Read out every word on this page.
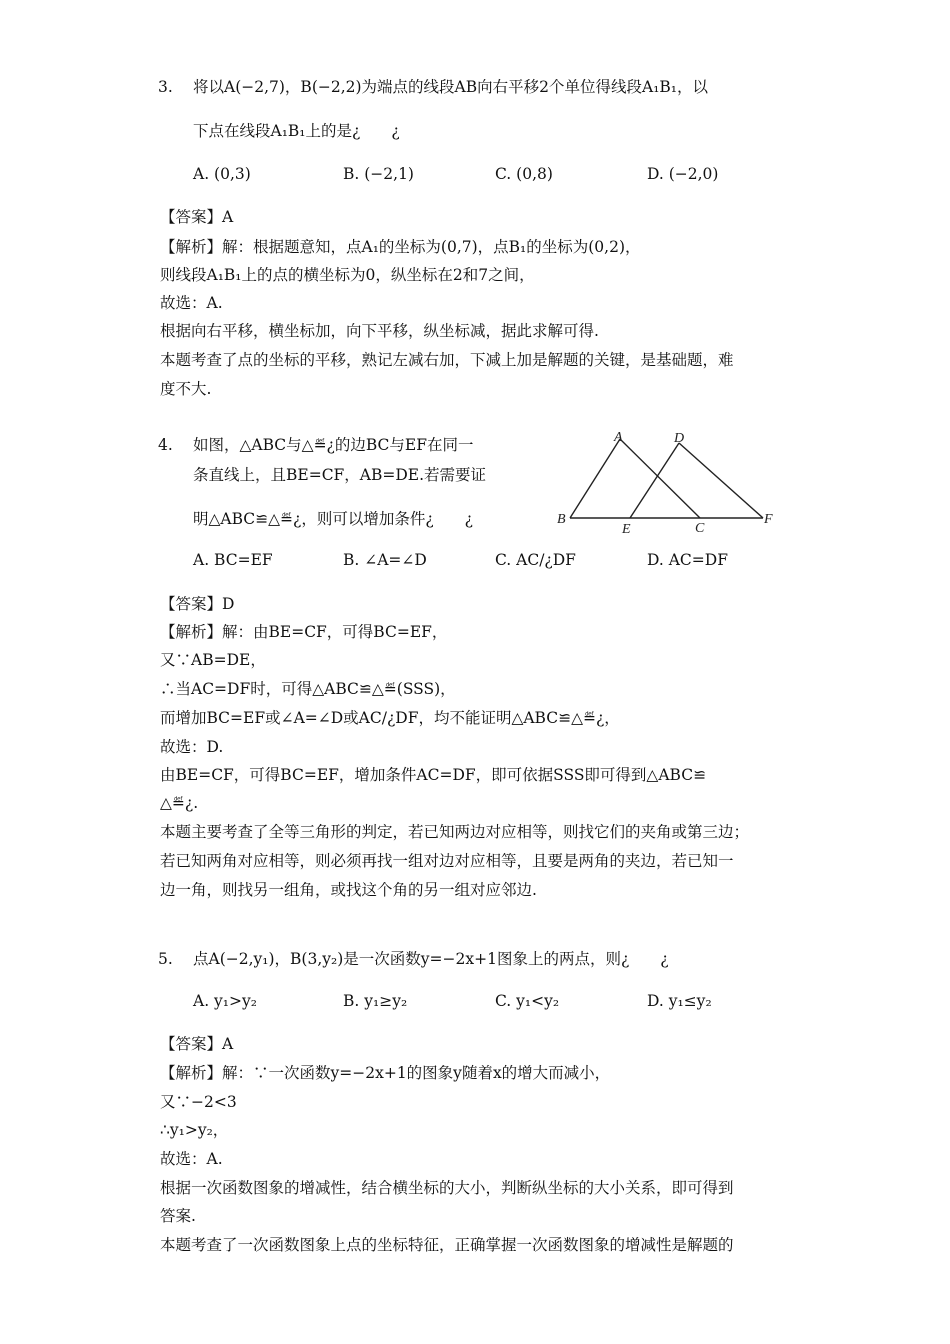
3. 将以A(−2,7)，B(−2,2)为端点的线段AB向右平移2个单位得线段A₁B₁，以
下点在线段A₁B₁上的是¿　　¿
A. (0,3)	B. (−2,1)	C. (0,8)	D. (−2,0)
【答案】A
【解析】解：根据题意知，点A₁的坐标为(0,7)，点B₁的坐标为(0,2)，
则线段A₁B₁上的点的横坐标为0，纵坐标在2和7之间，
故选：A.
根据向右平移，横坐标加，向下平移，纵坐标减，据此求解可得.
本题考查了点的坐标的平移，熟记左减右加，下减上加是解题的关键，是基础题，难
度不大.
4. 如图，△ABC与△≝¿的边BC与EF在同一
条直线上，且BE=CF，AB=DE.若需要证
明△ABC≌△≝¿，则可以增加条件¿　　¿
A	D
B
E	C
F
A. BC=EF	B. ∠A=∠D	C. AC/¿DF	D. AC=DF
【答案】D
【解析】解：由BE=CF，可得BC=EF，
又∵AB=DE，
∴当AC=DF时，可得△ABC≌△≝(SSS)，
而增加BC=EF或∠A=∠D或AC/¿DF，均不能证明△ABC≌△≝¿，
故选：D.
由BE=CF，可得BC=EF，增加条件AC=DF，即可依据SSS即可得到△ABC≌
△≝¿.
本题主要考查了全等三角形的判定，若已知两边对应相等，则找它们的夹角或第三边；
若已知两角对应相等，则必须再找一组对边对应相等，且要是两角的夹边，若已知一
边一角，则找另一组角，或找这个角的另一组对应邻边.
5. 点A(−2,y₁)，B(3,y₂)是一次函数y=−2x+1图象上的两点，则¿　　¿
A. y₁>y₂	B. y₁≥y₂	C. y₁<y₂	D. y₁≤y₂
【答案】A
【解析】解：∵一次函数y=−2x+1的图象y随着x的增大而减小，
又∵−2<3
∴y₁>y₂，
故选：A.
根据一次函数图象的增减性，结合横坐标的大小，判断纵坐标的大小关系，即可得到
答案.
本题考查了一次函数图象上点的坐标特征，正确掌握一次函数图象的增减性是解题的
